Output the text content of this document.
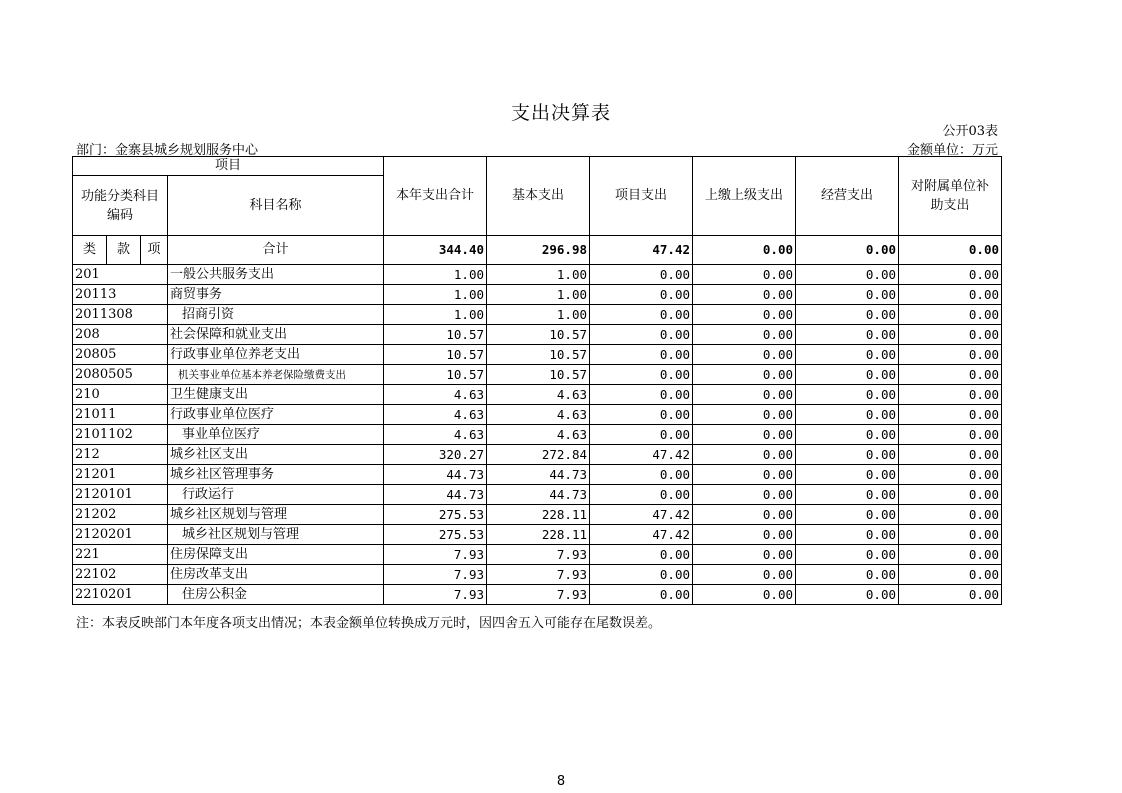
支出决算表
公开03表
部门：金寨县城乡规划服务中心	金额单位：万元
项目				本年支出合计	基本支出	项目支出	上缴上级支出	经营支出	对附属单位补助支出
功能分类科目编码			科目名称						
类	款	项	合计	344.40	296.98	47.42	0.00	0.00	0.00
201			一般公共服务支出	1.00	1.00	0.00	0.00	0.00	0.00
20113			商贸事务	1.00	1.00	0.00	0.00	0.00	0.00
2011308			招商引资	1.00	1.00	0.00	0.00	0.00	0.00
208			社会保障和就业支出	10.57	10.57	0.00	0.00	0.00	0.00
20805			行政事业单位养老支出	10.57	10.57	0.00	0.00	0.00	0.00
2080505			机关事业单位基本养老保险缴费支出	10.57	10.57	0.00	0.00	0.00	0.00
210			卫生健康支出	4.63	4.63	0.00	0.00	0.00	0.00
21011			行政事业单位医疗	4.63	4.63	0.00	0.00	0.00	0.00
2101102			事业单位医疗	4.63	4.63	0.00	0.00	0.00	0.00
212			城乡社区支出	320.27	272.84	47.42	0.00	0.00	0.00
21201			城乡社区管理事务	44.73	44.73	0.00	0.00	0.00	0.00
2120101			行政运行	44.73	44.73	0.00	0.00	0.00	0.00
21202			城乡社区规划与管理	275.53	228.11	47.42	0.00	0.00	0.00
2120201			城乡社区规划与管理	275.53	228.11	47.42	0.00	0.00	0.00
221			住房保障支出	7.93	7.93	0.00	0.00	0.00	0.00
22102			住房改革支出	7.93	7.93	0.00	0.00	0.00	0.00
2210201			住房公积金	7.93	7.93	0.00	0.00	0.00	0.00
注：本表反映部门本年度各项支出情况；本表金额单位转换成万元时，因四舍五入可能存在尾数误差。
8
